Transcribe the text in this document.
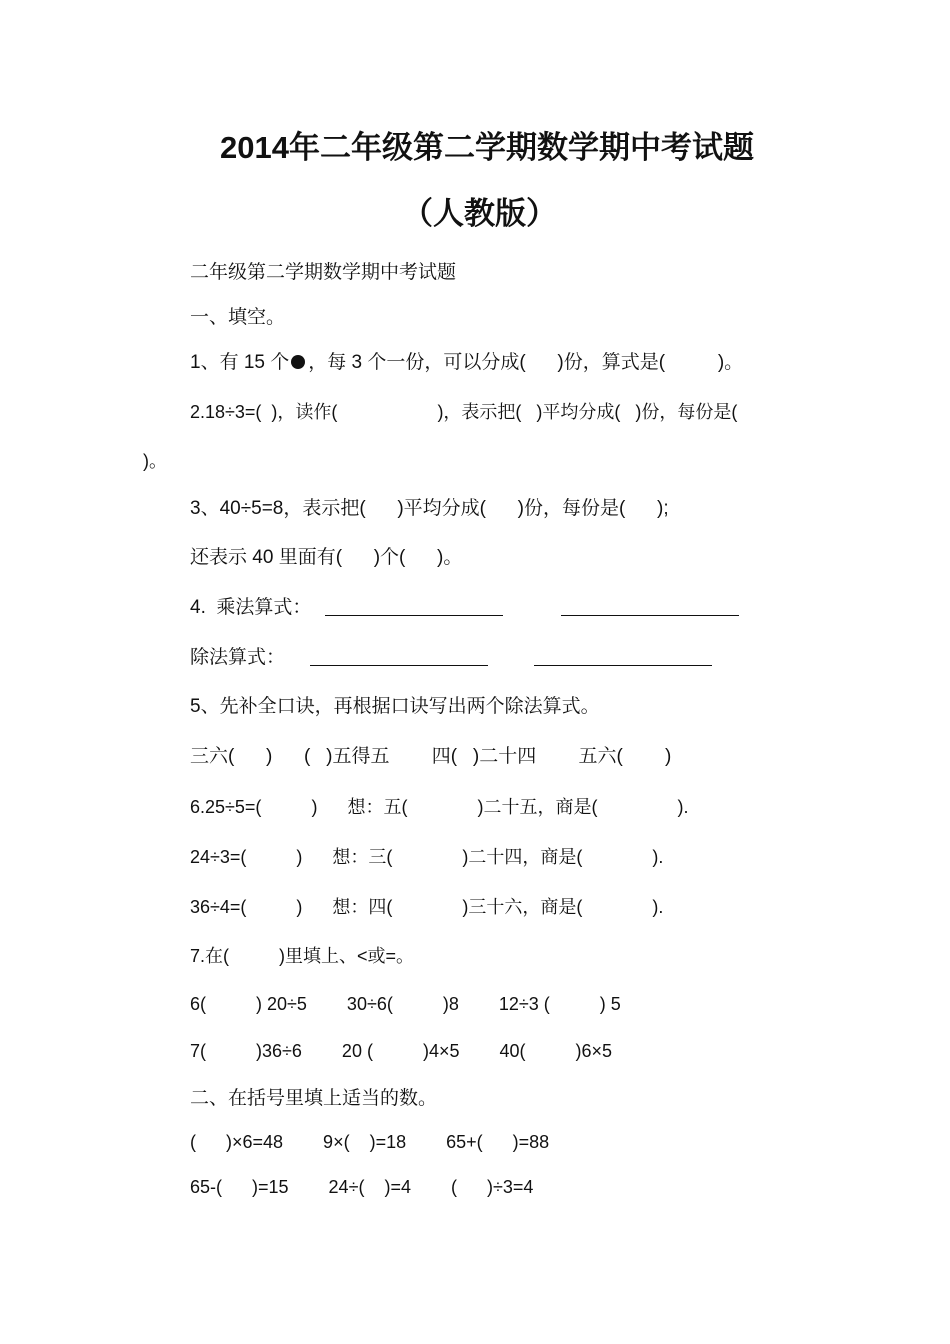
2014年二年级第二学期数学期中考试题
（人教版）
二年级第二学期数学期中考试题
一、填空。
1、有 15 个 ，每 3 个一份，可以分成(      )份，算式是(          )。
2.18÷3=(  )，读作(                    )，表示把(   )平均分成(   )份，每份是(
)。
3、40÷5=8，表示把(      )平均分成(      )份，每份是(      );
还表示 40 里面有(      )个(      )。
4.  乘法算式：
除法算式：
5、先补全口诀，再根据口诀写出两个除法算式。
三六(      )      (   )五得五        四(   )二十四        五六(        )
6.25÷5=(          )      想：五(              )二十五，商是(                ).
24÷3=(          )      想：三(              )二十四，商是(              ).
36÷4=(          )      想：四(              )三十六，商是(              ).
7.在(          )里填上、<或=。
6(          ) 20÷5        30÷6(          )8        12÷3 (          ) 5
7(          )36÷6        20 (          )4×5        40(          )6×5
二、在括号里填上适当的数。
(      )×6=48        9×(    )=18        65+(      )=88
65-(      )=15        24÷(    )=4        (      )÷3=4
